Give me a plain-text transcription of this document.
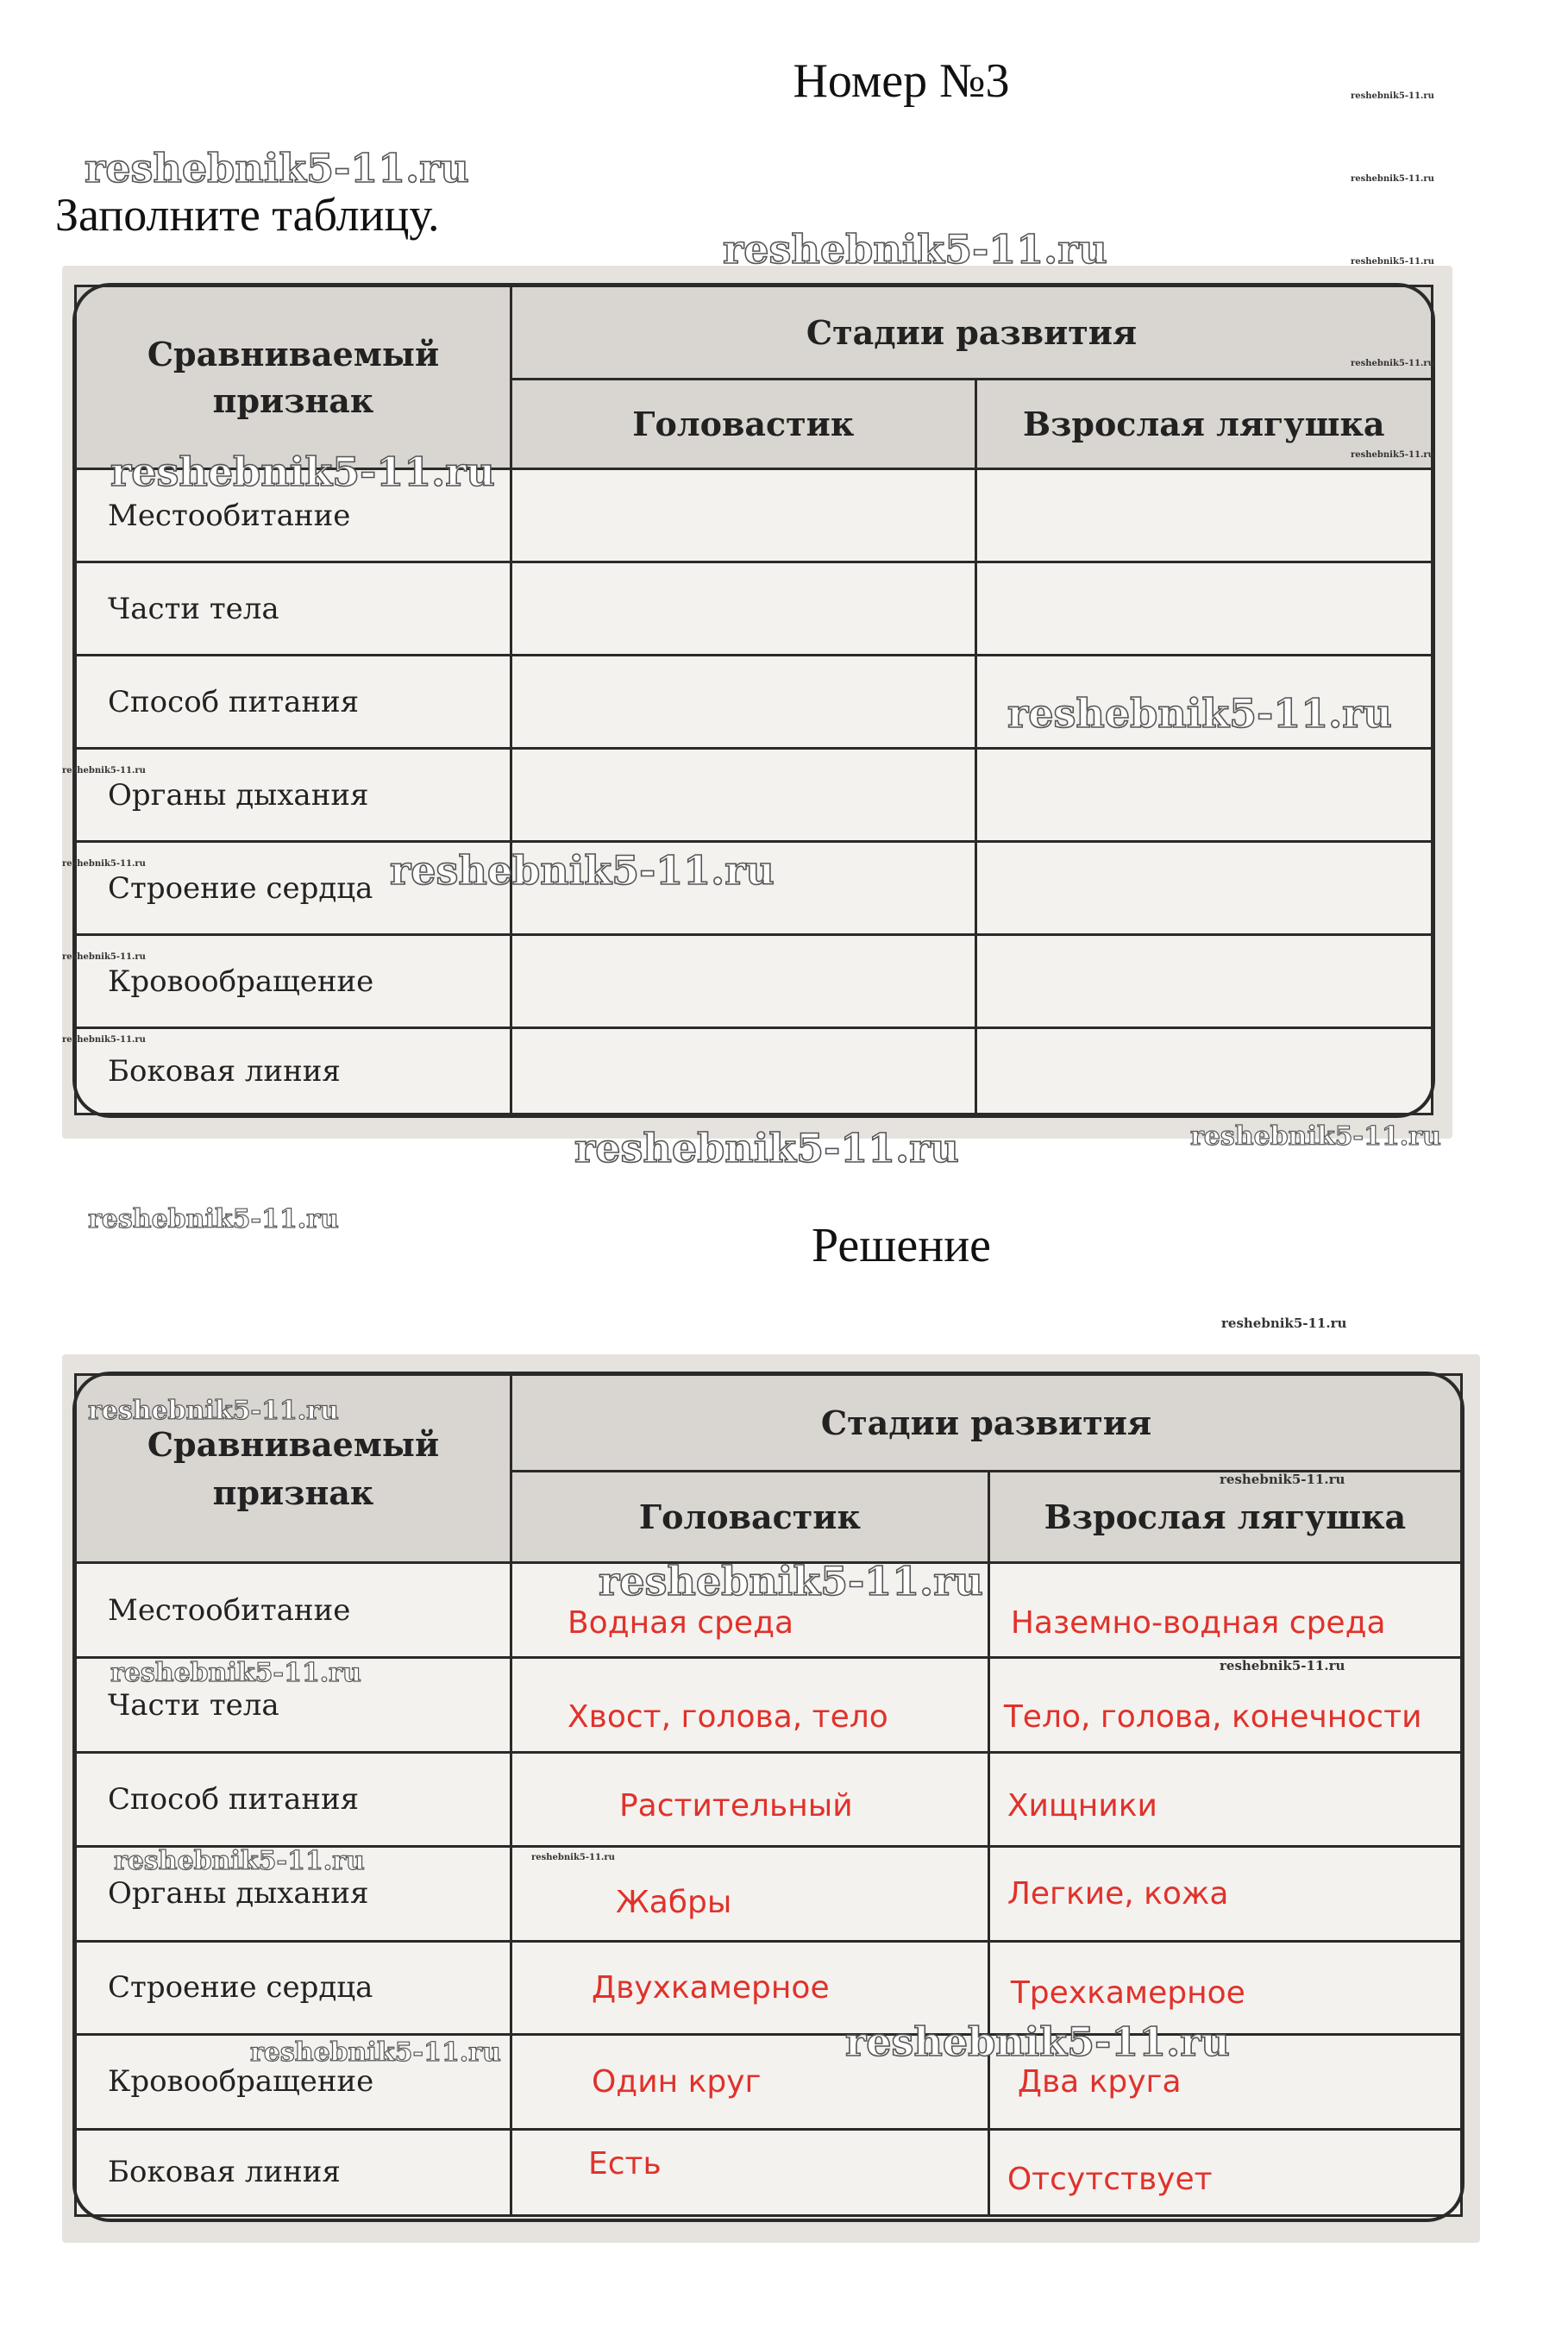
Номер №3
Заполните таблицу.
Решение
Сравниваемый признак	Стадии развития	
	Головастик	Взрослая лягушка
Местообитание		
Части тела		
Способ питания		
Органы дыхания		
Строение сердца		
Кровообращение		
Боковая линия		
Сравниваемый признак	Стадии развития	
	Головастик	Взрослая лягушка
Местообитание	Водная среда	Наземно-водная среда
Части тела	Хвост, голова, тело	Тело, голова, конечности
Способ питания	Растительный	Хищники
Органы дыхания	Жабры	Легкие, кожа
Строение сердца	Двухкамерное	Трехкамерное
Кровообращение	Один круг	Два круга
Боковая линия	Есть	Отсутствует
reshebnik5-11.ru
reshebnik5-11.ru
reshebnik5-11.ru
reshebnik5-11.ru
reshebnik5-11.ru
reshebnik5-11.ru	reshebnik5-11.ru
reshebnik5-11.ru
reshebnik5-11.ru
reshebnik5-11.ru
reshebnik5-11.ru
reshebnik5-11.ru
reshebnik5-11.ru	reshebnik5-11.ru
reshebnik5-11.ru	reshebnik5-11.ru
reshebnik5-11.ru	reshebnik5-11.ru
reshebnik5-11.ru
reshebnik5-11.ru
reshebnik5-11.ru
reshebnik5-11.ru
reshebnik5-11.ru
reshebnik5-11.ru
reshebnik5-11.ru
reshebnik5-11.ru
reshebnik5-11.ru
